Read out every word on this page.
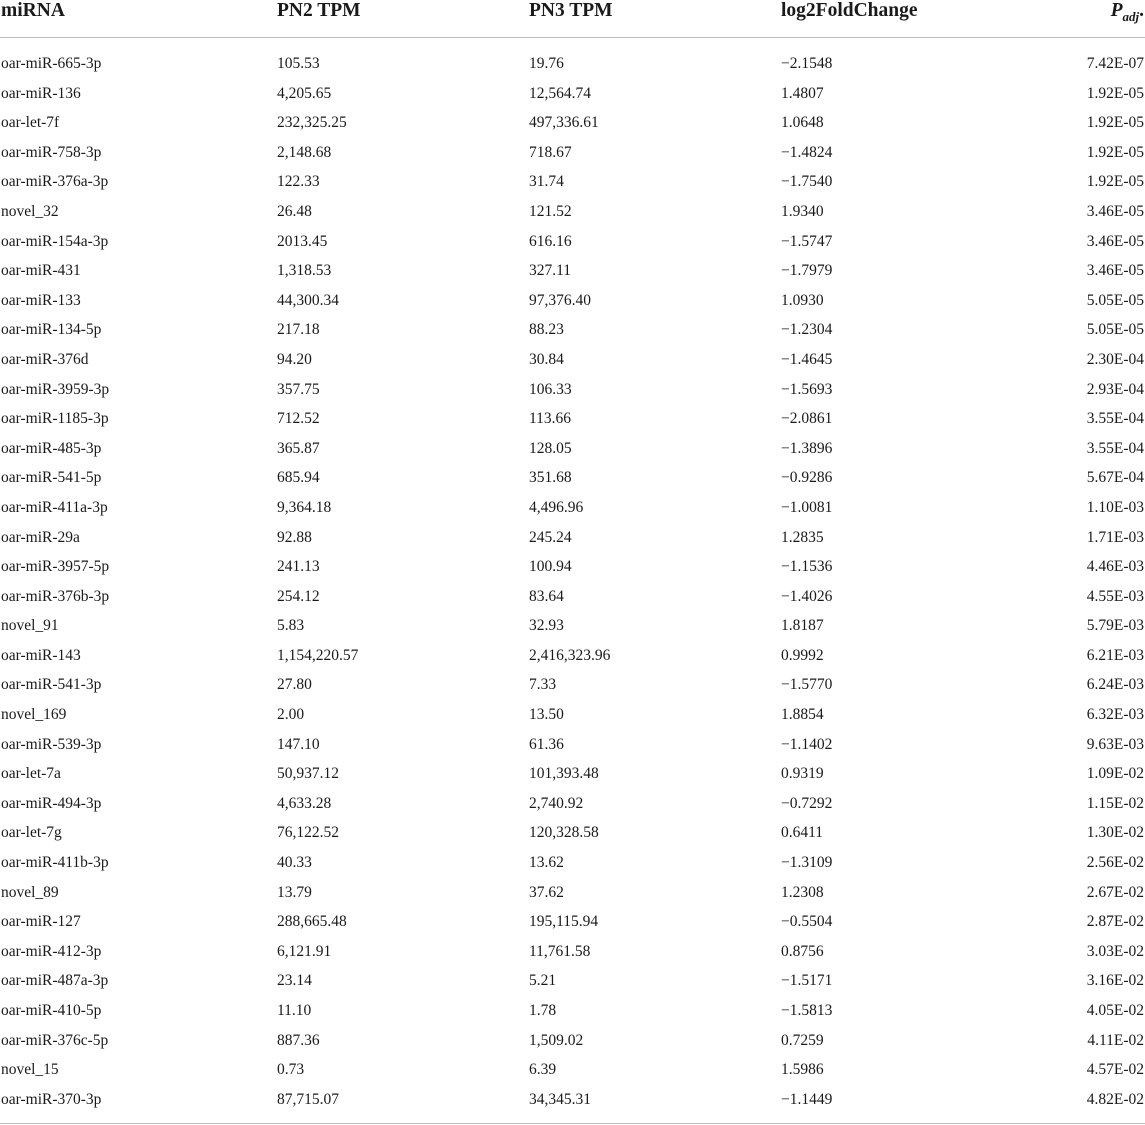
miRNA	PN2 TPM	PN3 TPM	log2FoldChange	$P_{adj}$.
oar-miR-665-3p	105.53	19.76	−2.1548	7.42E-07
oar-miR-136	4,205.65	12,564.74	1.4807	1.92E-05
oar-let-7f	232,325.25	497,336.61	1.0648	1.92E-05
oar-miR-758-3p	2,148.68	718.67	−1.4824	1.92E-05
oar-miR-376a-3p	122.33	31.74	−1.7540	1.92E-05
novel_32	26.48	121.52	1.9340	3.46E-05
oar-miR-154a-3p	2013.45	616.16	−1.5747	3.46E-05
oar-miR-431	1,318.53	327.11	−1.7979	3.46E-05
oar-miR-133	44,300.34	97,376.40	1.0930	5.05E-05
oar-miR-134-5p	217.18	88.23	−1.2304	5.05E-05
oar-miR-376d	94.20	30.84	−1.4645	2.30E-04
oar-miR-3959-3p	357.75	106.33	−1.5693	2.93E-04
oar-miR-1185-3p	712.52	113.66	−2.0861	3.55E-04
oar-miR-485-3p	365.87	128.05	−1.3896	3.55E-04
oar-miR-541-5p	685.94	351.68	−0.9286	5.67E-04
oar-miR-411a-3p	9,364.18	4,496.96	−1.0081	1.10E-03
oar-miR-29a	92.88	245.24	1.2835	1.71E-03
oar-miR-3957-5p	241.13	100.94	−1.1536	4.46E-03
oar-miR-376b-3p	254.12	83.64	−1.4026	4.55E-03
novel_91	5.83	32.93	1.8187	5.79E-03
oar-miR-143	1,154,220.57	2,416,323.96	0.9992	6.21E-03
oar-miR-541-3p	27.80	7.33	−1.5770	6.24E-03
novel_169	2.00	13.50	1.8854	6.32E-03
oar-miR-539-3p	147.10	61.36	−1.1402	9.63E-03
oar-let-7a	50,937.12	101,393.48	0.9319	1.09E-02
oar-miR-494-3p	4,633.28	2,740.92	−0.7292	1.15E-02
oar-let-7g	76,122.52	120,328.58	0.6411	1.30E-02
oar-miR-411b-3p	40.33	13.62	−1.3109	2.56E-02
novel_89	13.79	37.62	1.2308	2.67E-02
oar-miR-127	288,665.48	195,115.94	−0.5504	2.87E-02
oar-miR-412-3p	6,121.91	11,761.58	0.8756	3.03E-02
oar-miR-487a-3p	23.14	5.21	−1.5171	3.16E-02
oar-miR-410-5p	11.10	1.78	−1.5813	4.05E-02
oar-miR-376c-5p	887.36	1,509.02	0.7259	4.11E-02
novel_15	0.73	6.39	1.5986	4.57E-02
oar-miR-370-3p	87,715.07	34,345.31	−1.1449	4.82E-02
